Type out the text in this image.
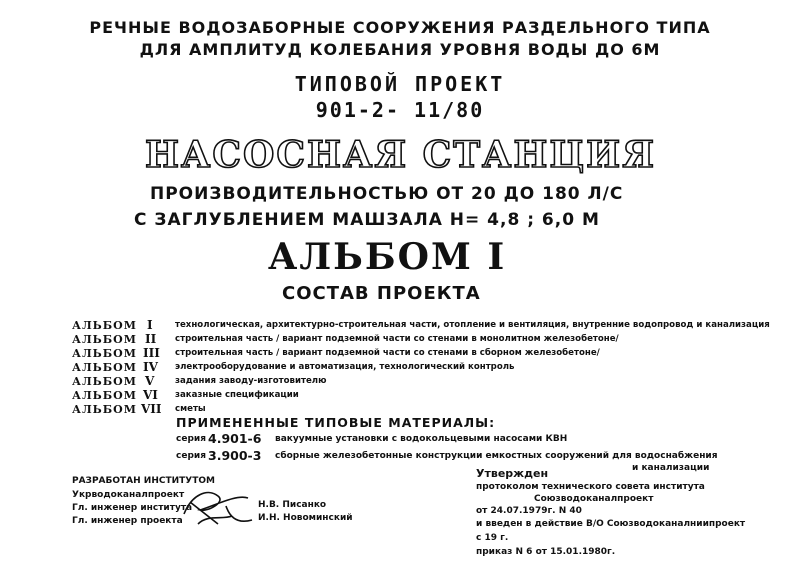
РЕЧНЫЕ ВОДОЗАБОРНЫЕ СООРУЖЕНИЯ РАЗДЕЛЬНОГО ТИПА
ДЛЯ АМПЛИТУД КОЛЕБАНИЯ УРОВНЯ ВОДЫ ДО 6М
ТИПОВОЙ ПРОЕКТ
901-2- 11/80
НАСОСНАЯ СТАНЦИЯ
ПРОИЗВОДИТЕЛЬНОСТЬЮ ОТ 20 ДО 180 Л/С
С ЗАГЛУБЛЕНИЕМ МАШЗАЛА Н= 4,8 ; 6,0 М
АЛЬБОМ I
СОСТАВ ПРОЕКТА
АЛЬБОМ I	технологическая, архитектурно-строительная части, отопление и вентиляция, внутренние водопровод и канализация
АЛЬБОМ II строительная часть / вариант подземной части со стенами в монолитном железобетоне/
АЛЬБОМ III строительная часть / вариант подземной части со стенами в сборном железобетоне/
АЛЬБОМ IV электрооборудование и автоматизация, технологический контроль
АЛЬБОМ V задания заводу-изготовителю
АЛЬБОМ VI заказные спецификации
АЛЬБОМ VII сметы
ПРИМЕНЕННЫЕ ТИПОВЫЕ МАТЕРИАЛЫ:
серия 4.901-6 вакуумные установки с водокольцевыми насосами КВН
серия 3.900-3 сборные железобетонные конструкции емкостных сооружений для водоснабжения
и канализации
РАЗРАБОТАН ИНСТИТУТОМ
Укрводоканалпроект
Гл. инженер института
Гл. инженер проекта
Н.В. Писанко
И.Н. Новоминский
Утвержден
протоколом технического совета института
Союзводоканалпроект
от 24.07.1979г. N 40
и введен в действие В/О Союзводоканалниипроект
с 19 г.
приказ N 6 от 15.01.1980г.
